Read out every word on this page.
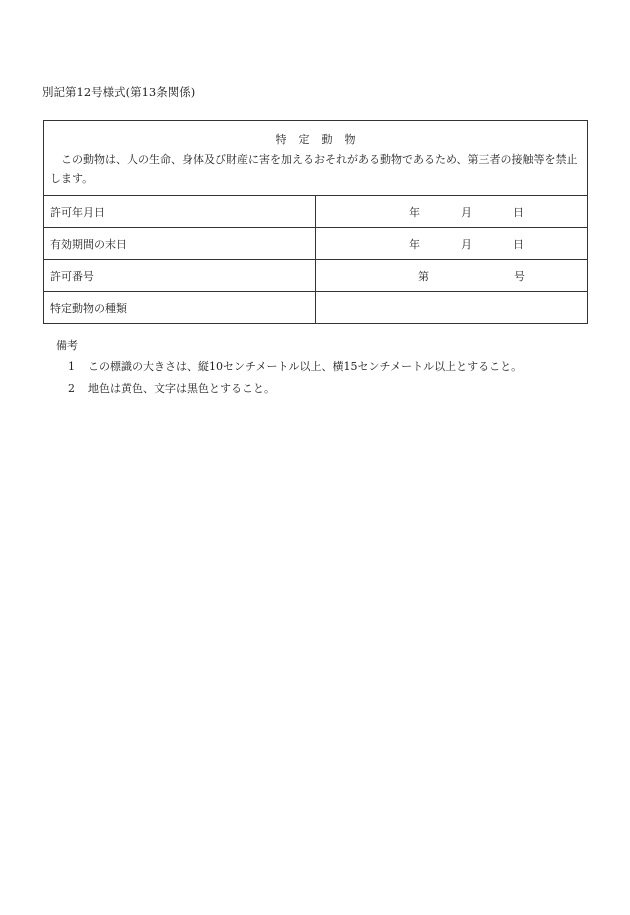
別記第12号様式(第13条関係)
特 定 動 物
この動物は、人の生命、身体及び財産に害を加えるおそれがある動物であるため、第三者の接触等を禁止します。	

許可年月日	年 月 日

有効期間の末日	年 月 日

許可番号	第 号

特定動物の種類	
備考
1 この標識の大きさは、縦10センチメートル以上、横15センチメートル以上とすること。
2 地色は黄色、文字は黒色とすること。
